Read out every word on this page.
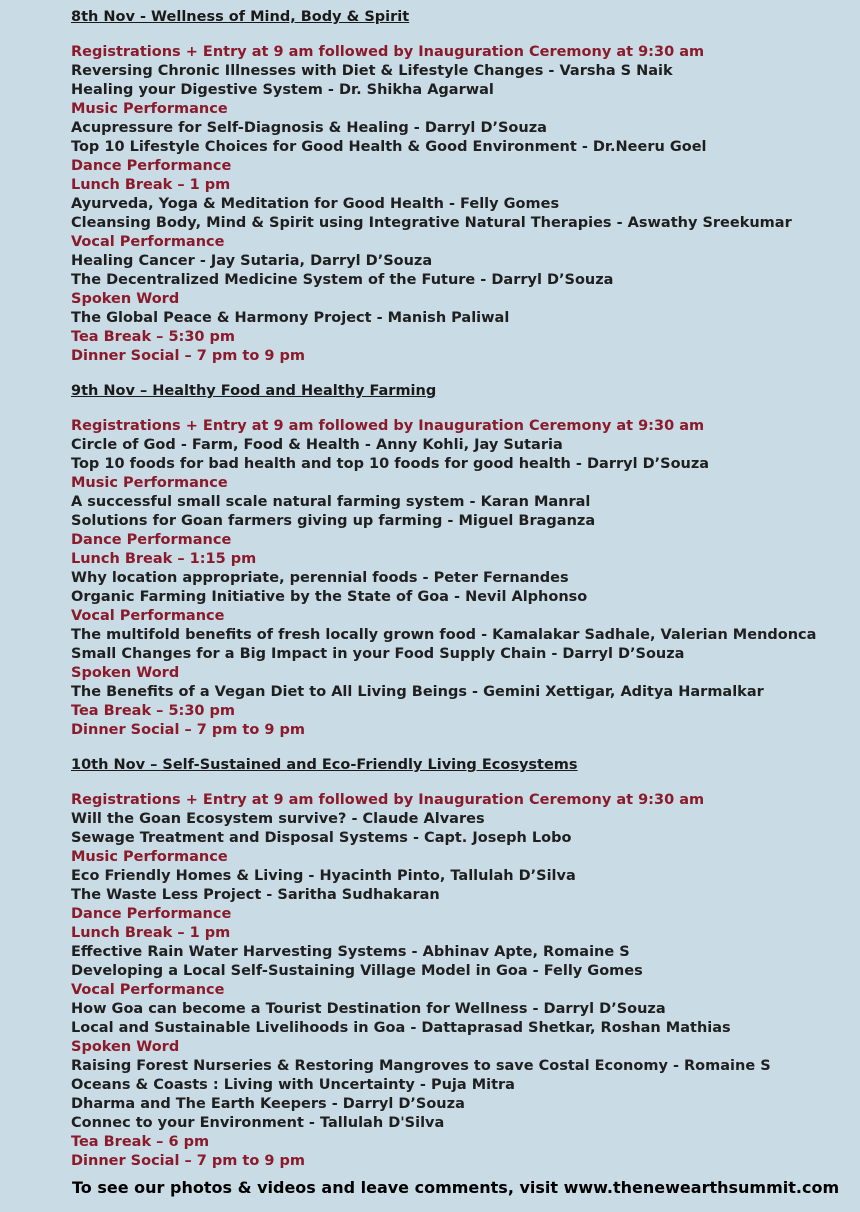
8th Nov - Wellness of Mind, Body & Spirit
Registrations + Entry at 9 am followed by Inauguration Ceremony at 9:30 am
Reversing Chronic Illnesses with Diet & Lifestyle Changes - Varsha S Naik
Healing your Digestive System - Dr. Shikha Agarwal
Music Performance
Acupressure for Self-Diagnosis & Healing - Darryl D’Souza
Top 10 Lifestyle Choices for Good Health & Good Environment - Dr.Neeru Goel
Dance Performance
Lunch Break – 1 pm
Ayurveda, Yoga & Meditation for Good Health - Felly Gomes
Cleansing Body, Mind & Spirit using Integrative Natural Therapies - Aswathy Sreekumar
Vocal Performance
Healing Cancer - Jay Sutaria, Darryl D’Souza
The Decentralized Medicine System of the Future - Darryl D’Souza
Spoken Word
The Global Peace & Harmony Project - Manish Paliwal
Tea Break – 5:30 pm
Dinner Social – 7 pm to 9 pm
9th Nov – Healthy Food and Healthy Farming
Registrations + Entry at 9 am followed by Inauguration Ceremony at 9:30 am
Circle of God - Farm, Food & Health - Anny Kohli, Jay Sutaria
Top 10 foods for bad health and top 10 foods for good health - Darryl D’Souza
Music Performance
A successful small scale natural farming system - Karan Manral
Solutions for Goan farmers giving up farming - Miguel Braganza
Dance Performance
Lunch Break – 1:15 pm
Why location appropriate, perennial foods - Peter Fernandes
Organic Farming Initiative by the State of Goa - Nevil Alphonso
Vocal Performance
The multifold benefits of fresh locally grown food - Kamalakar Sadhale, Valerian Mendonca
Small Changes for a Big Impact in your Food Supply Chain - Darryl D’Souza
Spoken Word
The Benefits of a Vegan Diet to All Living Beings - Gemini Xettigar, Aditya Harmalkar
Tea Break – 5:30 pm
Dinner Social – 7 pm to 9 pm
10th Nov – Self-Sustained and Eco-Friendly Living Ecosystems
Registrations + Entry at 9 am followed by Inauguration Ceremony at 9:30 am
Will the Goan Ecosystem survive? - Claude Alvares
Sewage Treatment and Disposal Systems - Capt. Joseph Lobo
Music Performance
Eco Friendly Homes & Living - Hyacinth Pinto, Tallulah D’Silva
The Waste Less Project - Saritha Sudhakaran
Dance Performance
Lunch Break – 1 pm
Effective Rain Water Harvesting Systems - Abhinav Apte, Romaine S
Developing a Local Self-Sustaining Village Model in Goa - Felly Gomes
Vocal Performance
How Goa can become a Tourist Destination for Wellness - Darryl D’Souza
Local and Sustainable Livelihoods in Goa - Dattaprasad Shetkar, Roshan Mathias
Spoken Word
Raising Forest Nurseries & Restoring Mangroves to save Costal Economy - Romaine S
Oceans & Coasts : Living with Uncertainty - Puja Mitra
Dharma and The Earth Keepers - Darryl D’Souza
Connec to your Environment - Tallulah D'Silva
Tea Break – 6 pm
Dinner Social – 7 pm to 9 pm
To see our photos & videos and leave comments, visit www.thenewearthsummit.com
